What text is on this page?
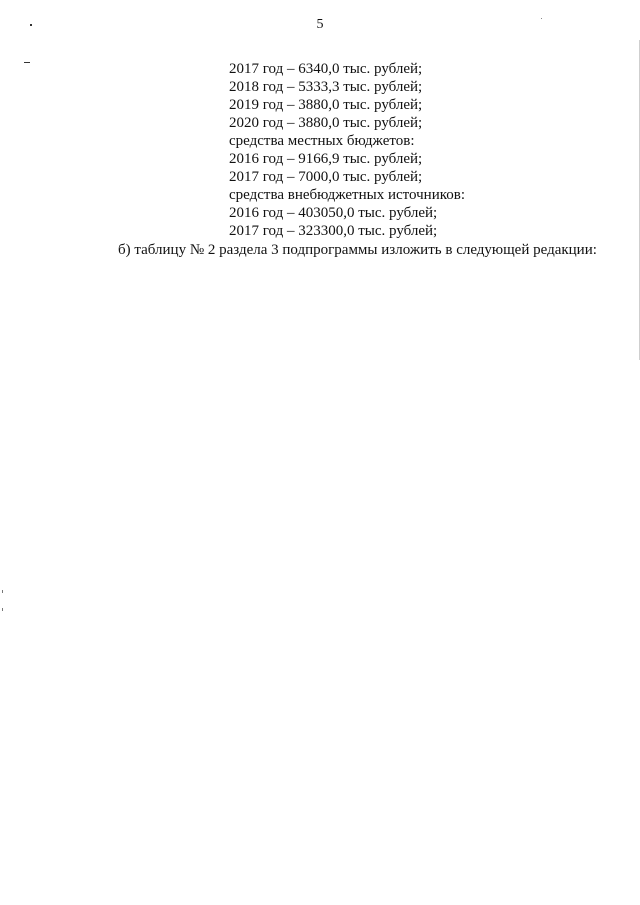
5
2017 год – 6340,0 тыс. рублей;
2018 год – 5333,3 тыс. рублей;
2019 год – 3880,0 тыс. рублей;
2020 год – 3880,0 тыс. рублей;
средства местных бюджетов:
2016 год – 9166,9 тыс. рублей;
2017 год – 7000,0 тыс. рублей;
средства внебюджетных источников:
2016 год – 403050,0 тыс. рублей;
2017 год – 323300,0 тыс. рублей;
б) таблицу № 2 раздела 3 подпрограммы изложить в следующей редакции:
